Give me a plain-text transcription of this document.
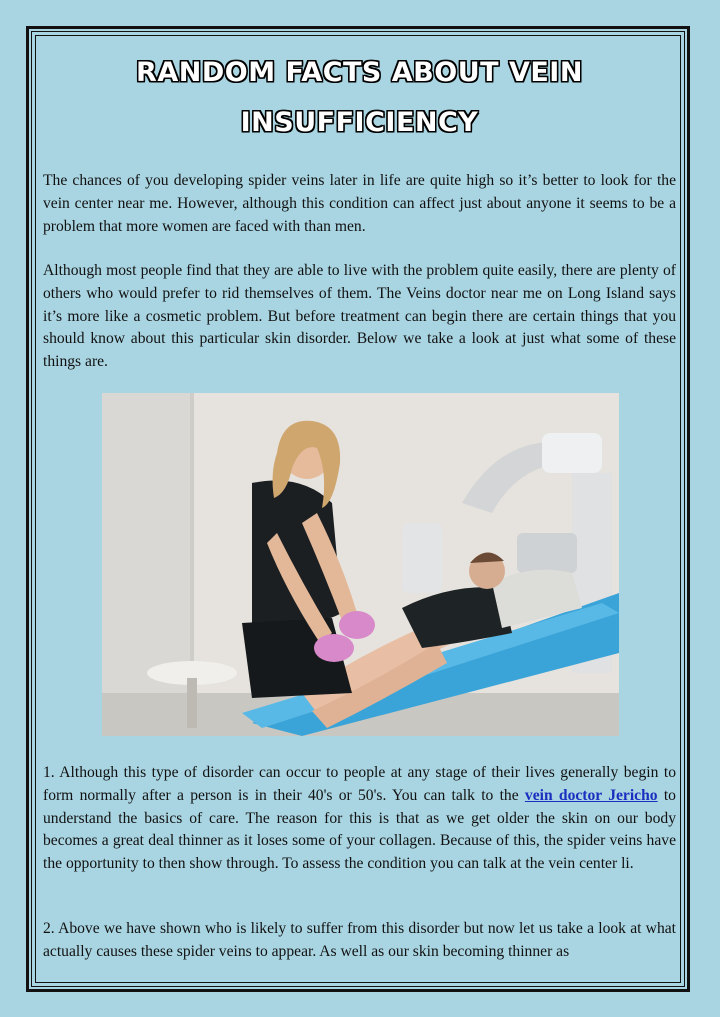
RANDOM FACTS ABOUT VEIN
INSUFFICIENCY

The chances of you developing spider veins later in life are quite high so it’s better to look for the vein center near me. However, although this condition can affect just about anyone it seems to be a problem that more women are faced with than men.

Although most people find that they are able to live with the problem quite easily, there are plenty of others who would prefer to rid themselves of them. The Veins doctor near me on Long Island says it’s more like a cosmetic problem. But before treatment can begin there are certain things that you should know about this particular skin disorder. Below we take a look at just what some of these things are.

1. Although this type of disorder can occur to people at any stage of their lives generally begin to form normally after a person is in their 40's or 50's. You can talk to the vein doctor Jericho to understand the basics of care. The reason for this is that as we get older the skin on our body becomes a great deal thinner as it loses some of your collagen. Because of this, the spider veins have the opportunity to then show through. To assess the condition you can talk at the vein center li.

2. Above we have shown who is likely to suffer from this disorder but now let us take a look at what actually causes these spider veins to appear. As well as our skin becoming thinner as
